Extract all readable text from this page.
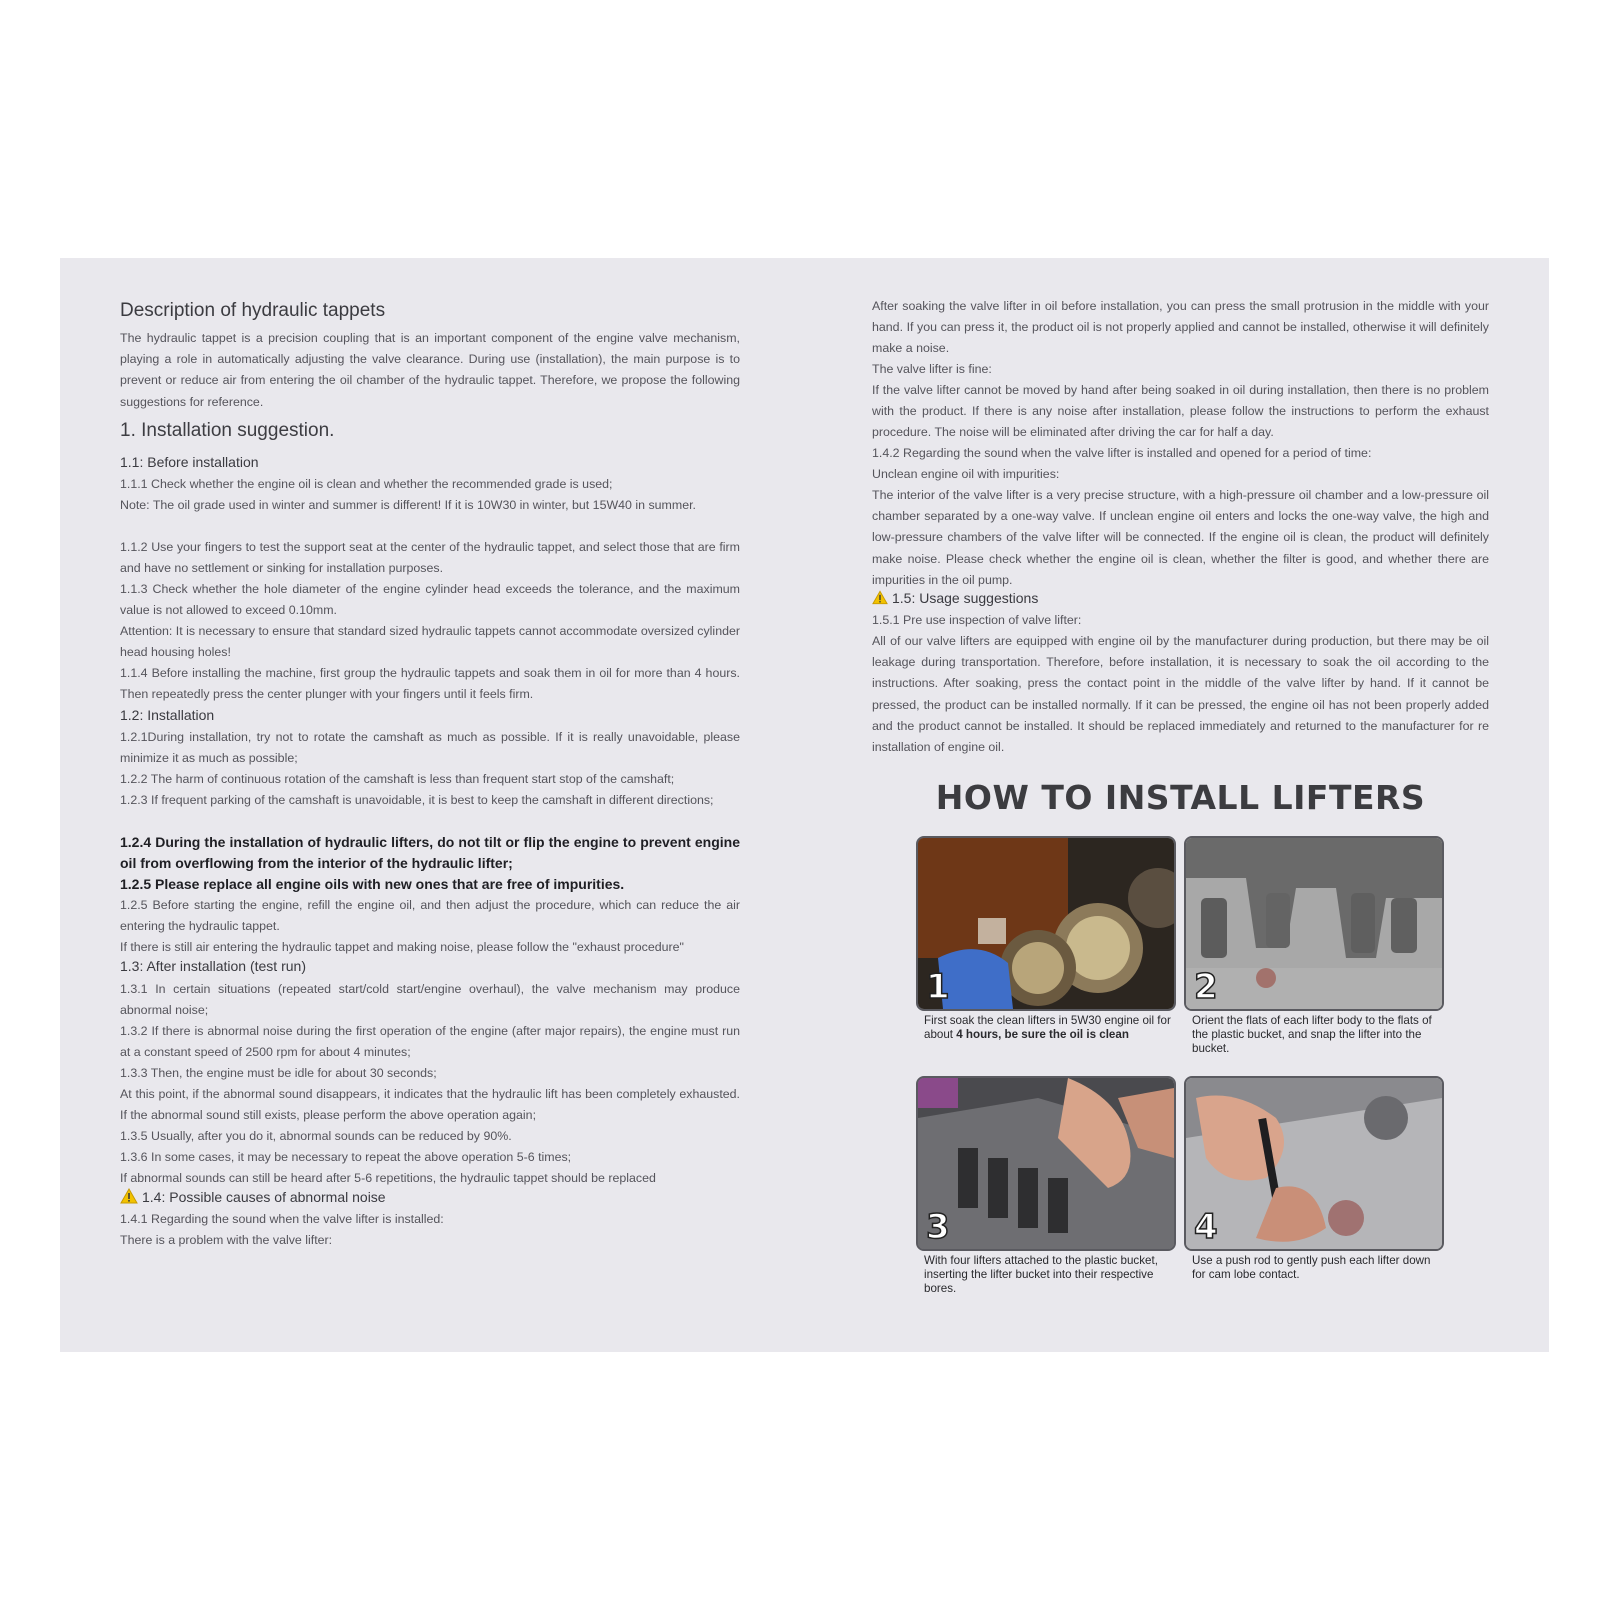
Description of hydraulic tappets
The hydraulic tappet is a precision coupling that is an important component of the engine valve mechanism, playing a role in automatically adjusting the valve clearance. During use (installation), the main purpose is to prevent or reduce air from entering the oil chamber of the hydraulic tappet. Therefore, we propose the following suggestions for reference.
1. Installation suggestion.
1.1: Before installation
1.1.1 Check whether the engine oil is clean and whether the recommended grade is used;
Note: The oil grade used in winter and summer is different! If it is 10W30 in winter, but 15W40 in summer.
1.1.2 Use your fingers to test the support seat at the center of the hydraulic tappet, and select those that are firm and have no settlement or sinking for installation purposes.
1.1.3 Check whether the hole diameter of the engine cylinder head exceeds the tolerance, and the maximum value is not allowed to exceed 0.10mm.
Attention: It is necessary to ensure that standard sized hydraulic tappets cannot accommodate oversized cylinder head housing holes!
1.1.4 Before installing the machine, first group the hydraulic tappets and soak them in oil for more than 4 hours. Then repeatedly press the center plunger with your fingers until it feels firm.
1.2: Installation
1.2.1During installation, try not to rotate the camshaft as much as possible. If it is really unavoidable, please minimize it as much as possible;
1.2.2 The harm of continuous rotation of the camshaft is less than frequent start stop of the camshaft;
1.2.3 If frequent parking of the camshaft is unavoidable, it is best to keep the camshaft in different directions;
1.2.4 During the installation of hydraulic lifters, do not tilt or flip the engine to prevent engine oil from overflowing from the interior of the hydraulic lifter;
1.2.5 Please replace all engine oils with new ones that are free of impurities.
1.2.5 Before starting the engine, refill the engine oil, and then adjust the procedure, which can reduce the air entering the hydraulic tappet.
If there is still air entering the hydraulic tappet and making noise, please follow the "exhaust procedure"
1.3: After installation (test run)
1.3.1 In certain situations (repeated start/cold start/engine overhaul), the valve mechanism may produce abnormal noise;
1.3.2 If there is abnormal noise during the first operation of the engine (after major repairs), the engine must run at a constant speed of 2500 rpm for about 4 minutes;
1.3.3 Then, the engine must be idle for about 30 seconds;
At this point, if the abnormal sound disappears, it indicates that the hydraulic lift has been completely exhausted. If the abnormal sound still exists, please perform the above operation again;
1.3.5 Usually, after you do it, abnormal sounds can be reduced by 90%.
1.3.6 In some cases, it may be necessary to repeat the above operation 5-6 times;
If abnormal sounds can still be heard after 5-6 repetitions, the hydraulic tappet should be replaced
1.4: Possible causes of abnormal noise
1.4.1 Regarding the sound when the valve lifter is installed:
There is a problem with the valve lifter:
After soaking the valve lifter in oil before installation, you can press the small protrusion in the middle with your hand. If you can press it, the product oil is not properly applied and cannot be installed, otherwise it will definitely make a noise.
The valve lifter is fine:
If the valve lifter cannot be moved by hand after being soaked in oil during installation, then there is no problem with the product. If there is any noise after installation, please follow the instructions to perform the exhaust procedure. The noise will be eliminated after driving the car for half a day.
1.4.2 Regarding the sound when the valve lifter is installed and opened for a period of time:
Unclean engine oil with impurities:
The interior of the valve lifter is a very precise structure, with a high-pressure oil chamber and a low-pressure oil chamber separated by a one-way valve. If unclean engine oil enters and locks the one-way valve, the high and low-pressure chambers of the valve lifter will be connected. If the engine oil is clean, the product will definitely make noise. Please check whether the engine oil is clean, whether the filter is good, and whether there are impurities in the oil pump.
1.5: Usage suggestions
1.5.1 Pre use inspection of valve lifter:
All of our valve lifters are equipped with engine oil by the manufacturer during production, but there may be oil leakage during transportation. Therefore, before installation, it is necessary to soak the oil according to the instructions. After soaking, press the contact point in the middle of the valve lifter by hand. If it cannot be pressed, the product can be installed normally. If it can be pressed, the engine oil has not been properly added and the product cannot be installed. It should be replaced immediately and returned to the manufacturer for re installation of engine oil.
HOW TO INSTALL LIFTERS
1
First soak the clean lifters in 5W30 engine oil for about 4 hours, be sure the oil is clean
2
Orient the flats of each lifter body to the flats of the plastic bucket, and snap the lifter into the bucket.
3
With four lifters attached to the plastic bucket, inserting the lifter bucket into their respective bores.
4
Use a push rod to gently push each lifter down for cam lobe contact.
